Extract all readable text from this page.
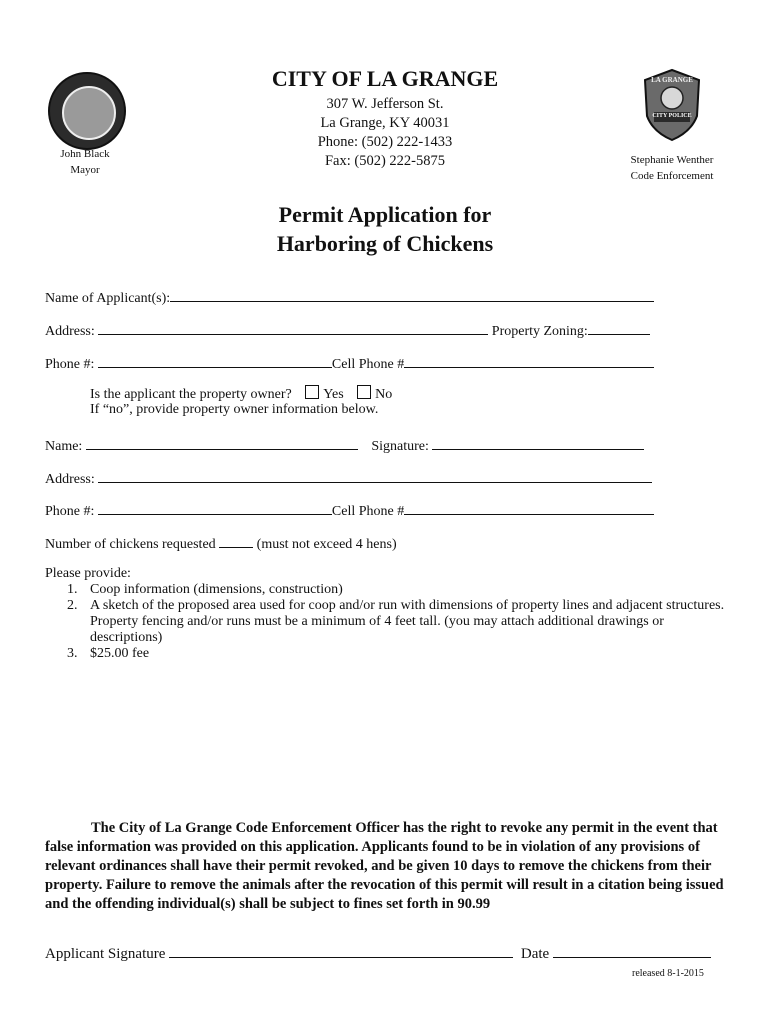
John Black
Mayor
CITY OF LA GRANGE
307 W. Jefferson St.
La Grange, KY 40031
Phone: (502) 222-1433
Fax: (502) 222-5875
LA GRANGE
CITY POLICE
Stephanie Wenther
Code Enforcement
Permit Application for
Harboring of Chickens
Name of Applicant(s):
Address:	Property Zoning:
Phone #:	Cell Phone #
Is the applicant the property owner? Yes No
If “no”, provide property owner information below.
Name:	Signature:
Address:
Phone #:	Cell Phone #
Number of chickens requested	(must not exceed 4 hens)
Please provide:
1. Coop information (dimensions, construction)
2. A sketch of the proposed area used for coop and/or run with dimensions of property lines and adjacent structures. Property fencing and/or runs must be a minimum of 4 feet tall. (you may attach additional drawings or descriptions)
3. $25.00 fee
The City of La Grange Code Enforcement Officer has the right to revoke any permit in the event that false information was provided on this application. Applicants found to be in violation of any provisions of relevant ordinances shall have their permit revoked, and be given 10 days to remove the chickens from their property. Failure to remove the animals after the revocation of this permit will result in a citation being issued and the offending individual(s) shall be subject to fines set forth in 90.99
Applicant Signature	Date
released 8-1-2015
